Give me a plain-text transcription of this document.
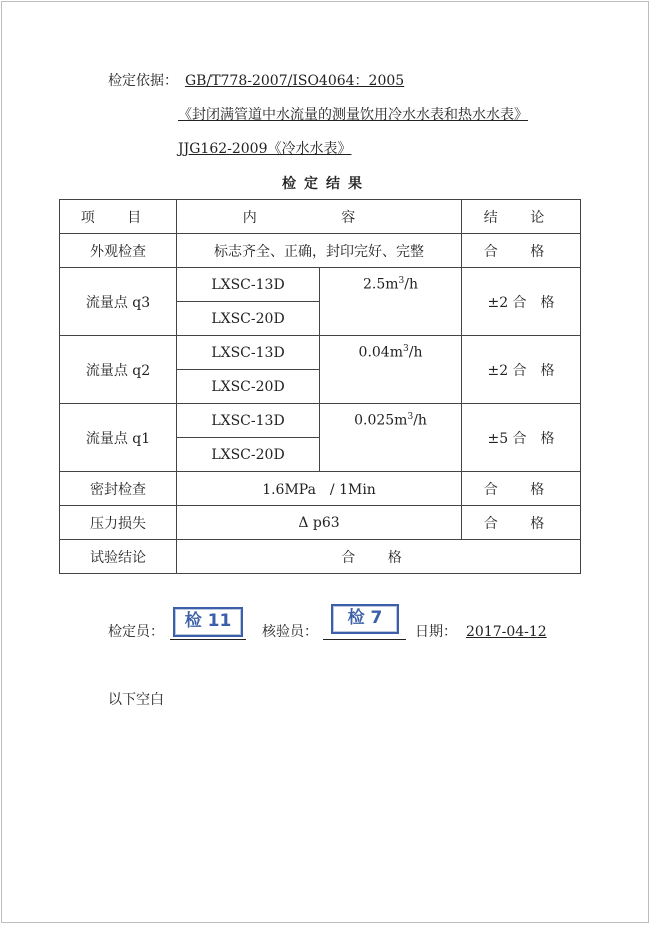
检定依据： GB/T778-2007/ISO4064：2005
《封闭满管道中水流量的测量饮用冷水水表和热水水表》
JJG162-2009《冷水水表》
检定结果
项 目	内 容		结 论
外观检查	标志齐全、正确，封印完好、完整		合 格
流量点 q3	LXSC-13D	$2.5m^3/h$	±2 合　格
	LXSC-20D		
流量点 q2	LXSC-13D	$0.04m^3/h$	±2 合　格
	LXSC-20D		
流量点 q1	LXSC-13D	$0.025m^3/h$	±5 合　格
	LXSC-20D		
密封检查	1.6MPa　/ 1Min		合 格
压力损失	Δ p63		合 格
试验结论	合 格		
检定员：
检 11
核验员：
检 7
日期： 2017-04-12
以下空白
